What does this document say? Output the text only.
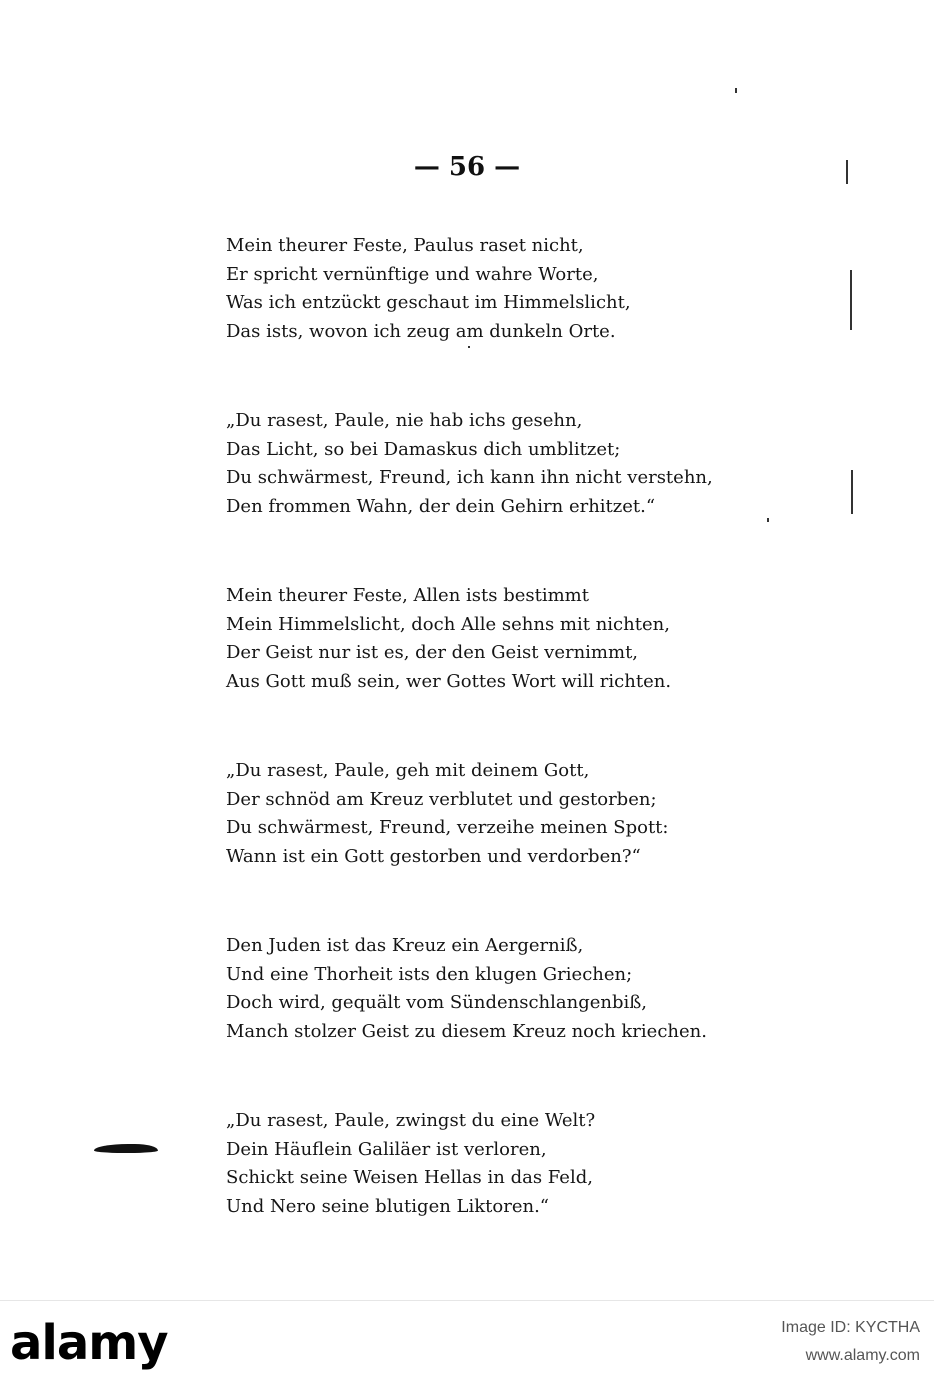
— 56 —
Mein theurer Feste, Paulus raset nicht,
Er spricht vernünftige und wahre Worte,
Was ich entzückt geschaut im Himmelslicht,
Das ists, wovon ich zeug am dunkeln Orte.
„Du rasest, Paule, nie hab ichs gesehn,
Das Licht, so bei Damaskus dich umblitzet;
Du schwärmest, Freund, ich kann ihn nicht verstehn,
Den frommen Wahn, der dein Gehirn erhitzet.“
Mein theurer Feste, Allen ists bestimmt
Mein Himmelslicht, doch Alle sehns mit nichten,
Der Geist nur ist es, der den Geist vernimmt,
Aus Gott muß sein, wer Gottes Wort will richten.
„Du rasest, Paule, geh mit deinem Gott,
Der schnöd am Kreuz verblutet und gestorben;
Du schwärmest, Freund, verzeihe meinen Spott:
Wann ist ein Gott gestorben und verdorben?“
Den Juden ist das Kreuz ein Aergerniß,
Und eine Thorheit ists den klugen Griechen;
Doch wird, gequält vom Sündenschlangenbiß,
Manch stolzer Geist zu diesem Kreuz noch kriechen.
„Du rasest, Paule, zwingst du eine Welt?
Dein Häuflein Galiläer ist verloren,
Schickt seine Weisen Hellas in das Feld,
Und Nero seine blutigen Liktoren.“
alamy	Image ID: KYCTHA
www.alamy.com
